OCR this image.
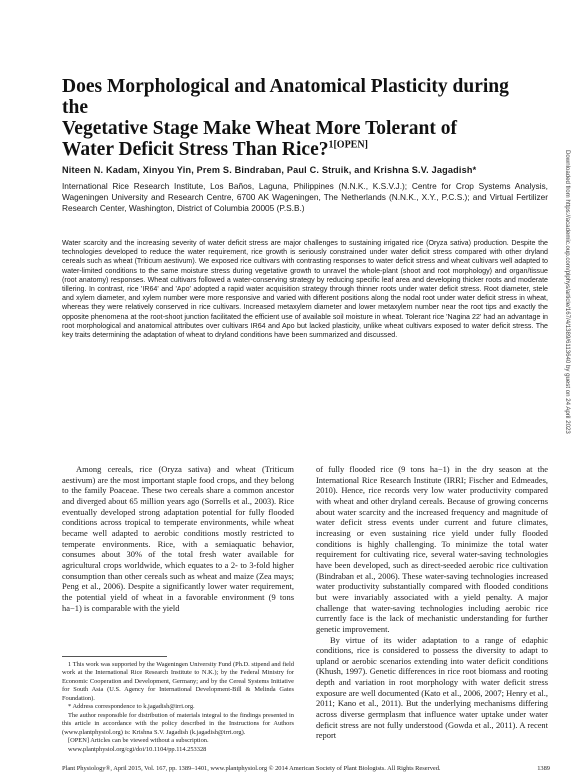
Does Morphological and Anatomical Plasticity during the
Vegetative Stage Make Wheat More Tolerant of
Water Deficit Stress Than Rice?$^{1[OPEN]}$
Niteen N. Kadam, Xinyou Yin, Prem S. Bindraban, Paul C. Struik, and Krishna S.V. Jagadish*
International Rice Research Institute, Los Baños, Laguna, Philippines (N.N.K., K.S.V.J.); Centre for Crop Systems Analysis, Wageningen University and Research Centre, 6700 AK Wageningen, The Netherlands (N.N.K., X.Y., P.C.S.); and Virtual Fertilizer Research Center, Washington, District of Columbia 20005 (P.S.B.)
Water scarcity and the increasing severity of water deficit stress are major challenges to sustaining irrigated rice (Oryza sativa) production. Despite the technologies developed to reduce the water requirement, rice growth is seriously constrained under water deficit stress compared with other dryland cereals such as wheat (Triticum aestivum). We exposed rice cultivars with contrasting responses to water deficit stress and wheat cultivars well adapted to water-limited conditions to the same moisture stress during vegetative growth to unravel the whole-plant (shoot and root morphology) and organ/tissue (root anatomy) responses. Wheat cultivars followed a water-conserving strategy by reducing specific leaf area and developing thicker roots and moderate tillering. In contrast, rice 'IR64' and 'Apo' adopted a rapid water acquisition strategy through thinner roots under water deficit stress. Root diameter, stele and xylem diameter, and xylem number were more responsive and varied with different positions along the nodal root under water deficit stress in wheat, whereas they were relatively conserved in rice cultivars. Increased metaxylem diameter and lower metaxylem number near the root tips and exactly the opposite phenomena at the root-shoot junction facilitated the efficient use of available soil moisture in wheat. Tolerant rice 'Nagina 22' had an advantage in root morphological and anatomical attributes over cultivars IR64 and Apo but lacked plasticity, unlike wheat cultivars exposed to water deficit stress. The key traits determining the adaptation of wheat to dryland conditions have been summarized and discussed.

Among cereals, rice (Oryza sativa) and wheat (Triticum aestivum) are the most important staple food crops, and they belong to the family Poaceae. These two cereals share a common ancestor and diverged about 65 million years ago (Sorrells et al., 2003). Rice eventually developed strong adaptation potential for fully flooded conditions across tropical to temperate environments, while wheat became well adapted to aerobic conditions mostly restricted to temperate environments. Rice, with a semiaquatic behavior, consumes about 30% of the total fresh water available for agricultural crops worldwide, which equates to a 2- to 3-fold higher consumption than other cereals such as wheat and maize (Zea mays; Peng et al., 2006). Despite a significantly lower water requirement, the potential yield of wheat in a favorable environment (9 tons ha−1) is comparable with the yield

of fully flooded rice (9 tons ha−1) in the dry season at the International Rice Research Institute (IRRI; Fischer and Edmeades, 2010). Hence, rice records very low water productivity compared with wheat and other dryland cereals. Because of growing concerns about water scarcity and the increased frequency and magnitude of water deficit stress events under current and future climates, increasing or even sustaining rice yield under fully flooded conditions is highly challenging. To minimize the total water requirement for cultivating rice, several water-saving technologies have been developed, such as direct-seeded aerobic rice cultivation (Bindraban et al., 2006). These water-saving technologies increased water productivity substantially compared with flooded conditions but were invariably associated with a yield penalty. A major challenge that water-saving technologies including aerobic rice currently face is the lack of mechanistic understanding for further genetic improvement.

By virtue of its wider adaptation to a range of edaphic conditions, rice is considered to possess the diversity to adapt to upland or aerobic scenarios extending into water deficit conditions (Khush, 1997). Genetic differences in rice root biomass and rooting depth and variation in root morphology with water deficit stress exposure are well documented (Kato et al., 2006, 2007; Henry et al., 2011; Kano et al., 2011). But the underlying mechanisms differing across diverse germplasm that influence water uptake under water deficit stress are not fully understood (Gowda et al., 2011). A recent report

1 This work was supported by the Wageningen University Fund (Ph.D. stipend and field work at the International Rice Research Institute to N.K.); by the Federal Ministry for Economic Cooperation and Development, Germany; and by the Cereal Systems Initiative for South Asia (U.S. Agency for International Development-Bill & Melinda Gates Foundation).

* Address correspondence to k.jagadish@irri.org.

The author responsible for distribution of materials integral to the findings presented in this article in accordance with the policy described in the Instructions for Authors (www.plantphysiol.org) is: Krishna S.V. Jagadish (k.jagadish@irri.org).

[OPEN] Articles can be viewed without a subscription.

www.plantphysiol.org/cgi/doi/10.1104/pp.114.253328

Plant Physiology®, April 2015, Vol. 167, pp. 1389–1401, www.plantphysiol.org © 2014 American Society of Plant Biologists. All Rights Reserved.	1389
Downloaded from https://academic.oup.com/plphys/article/167/4/1389/6113640 by guest on 24 April 2023
